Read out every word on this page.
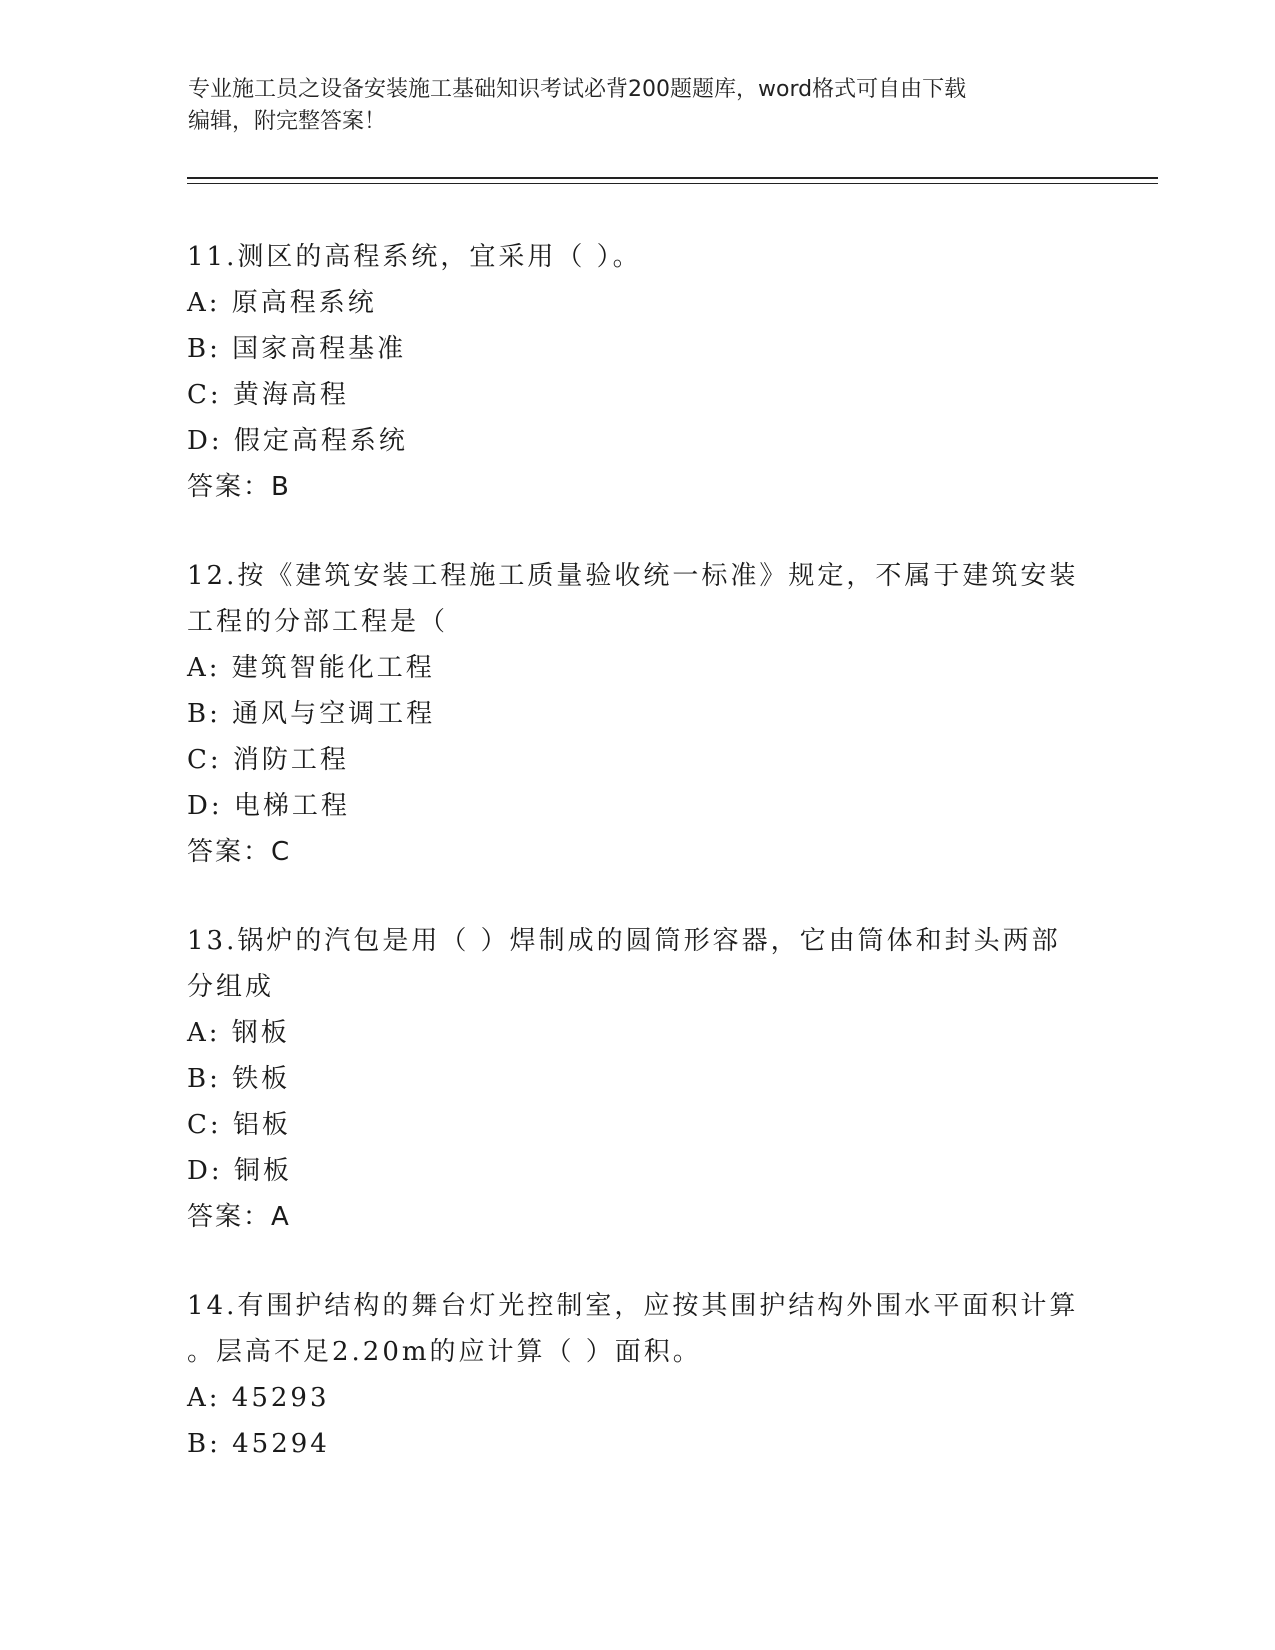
专业施工员之设备安装施工基础知识考试必背200题题库，word格式可自由下载
编辑，附完整答案！
11.测区的高程系统，宜采用（ ）。
A: 原高程系统
B: 国家高程基准
C: 黄海高程
D: 假定高程系统
答案：B
12.按《建筑安装工程施工质量验收统一标准》规定，不属于建筑安装
工程的分部工程是（
A: 建筑智能化工程
B: 通风与空调工程
C: 消防工程
D: 电梯工程
答案：C
13.锅炉的汽包是用（ ）焊制成的圆筒形容器，它由筒体和封头两部
分组成
A: 钢板
B: 铁板
C: 铝板
D: 铜板
答案：A
14.有围护结构的舞台灯光控制室，应按其围护结构外围水平面积计算
。层高不足2.20m的应计算（ ）面积。
A: 45293
B: 45294
